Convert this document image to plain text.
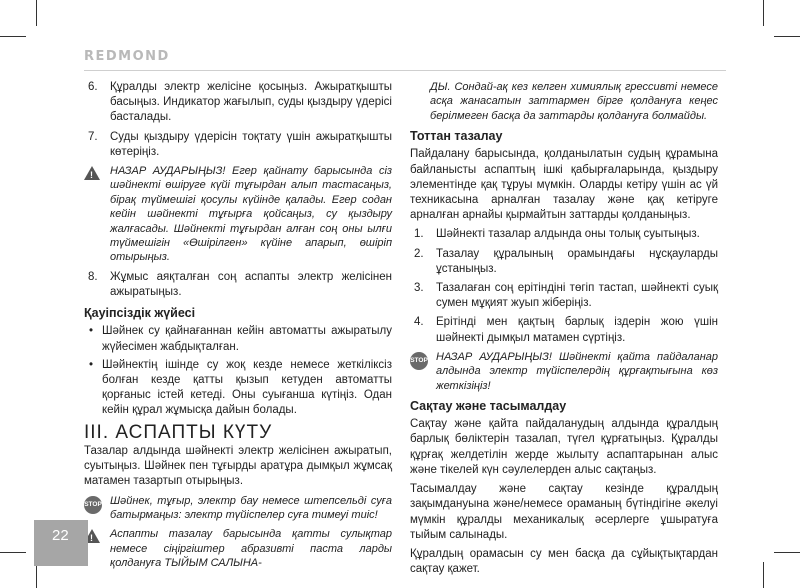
REDMOND
6. Құралды электр желісіне қосыңыз. Ажыратқышты басыңыз. Индикатор жағылып, суды қыздыру үдерісі басталады.
7. Суды қыздыру үдерісін тоқтату үшін ажыратқышты көтеріңіз.
!
НАЗАР АУДАРЫҢЫЗ! Егер қайнату барысында сіз шәйнекті өшіруге күйі тұғырдан алып тастасаңыз, бірақ түймешігі қосулы күйінде қалады. Егер содан кейін шәйнекті тұғырға қойсаңыз, су қыздыру жалғасады. Шәйнекті тұғырдан алған соң оны ылғи түймешігін «Өшірілген» күйіне апарып, өшіріп отырыңыз.
8. Жұмыс аяқталған соң аспапты электр желісінен ажыратыңыз.
Қауіпсіздік жүйесі
• Шәйнек су қайнағаннан кейін автоматты ажыратылу жүйесімен жабдықталған.
• Шәйнектің ішінде су жоқ кезде немесе жеткіліксіз болған кезде қатты қызып кетуден автоматты қорғаныс істей кетеді. Оны суығанша күтіңіз. Одан кейін құрал жұмысқа дайын болады.
III. АСПАПТЫ КҮТУ

Тазалар алдында шәйнекті электр желісінен ажыратып, суытыңыз. Шәйнек пен тұғырды аратұра дымқыл жұмсақ матамен тазартып отырыңыз.

STOP Шәйнек, тұғыр, электр бау немесе штепсельді суға батырмаңыз: электр түйіспелер суға тимеуі тиіс!
!
Аспапты тазалау барысында қатты сулықтар немесе сіңіргіштер абразивті паста ларды қолдануға ТЫЙЫМ САЛЫНА-
ДЫ. Сондай-ақ кез келген химиялық грессивті немесе асқа жанасатын заттармен бірге қолдануға кеңес берілмеген басқа да заттарды қолдануға болмайды.
Тоттан тазалау

Пайдалану барысында, қолданылатын судың құрамына байланысты аспаптың ішкі қабырғаларында, қыздыру элементінде қақ тұруы мүмкін. Оларды кетіру үшін ас үй техникасына арналған тазалау және қақ кетіруге арналған арнайы қырмайтын заттарды қолданыңыз.

1. Шәйнекті тазалар алдында оны толық суытыңыз.
2. Тазалау құралының орамындағы нұсқауларды ұстаныңыз.
3. Тазалаған соң ерітіндіні төгіп тастап, шәйнекті суық сумен мұқият жуып жіберіңіз.
4. Ерітінді мен қақтың барлық іздерін жою үшін шәйнекті дымқыл матамен сүртіңіз.
STOP НАЗАР АУДАРЫҢЫЗ! Шәйнекті қайта пайдаланар алдында электр түйіспелердің құрғақтығына көз жеткізіңіз!
Сақтау және тасымалдау

Сақтау және қайта пайдаланудың алдында құралдың барлық бөліктерін тазалап, түгел құрғатыңыз. Құралды құрғақ желдетілін жерде жылыту аспаптарынан алыс және тікелей күн сәулелерден алыс сақтаңыз.

Тасымалдау және сақтау кезінде құралдың зақымдануына және/немесе ораманың бүтіндігіне әкелуі мүмкін құралды механикалық әсерлерге ұшыратуға тыйым салынады.

Құралдың орамасын су мен басқа да сұйықтықтардан сақтау қажет.

22
